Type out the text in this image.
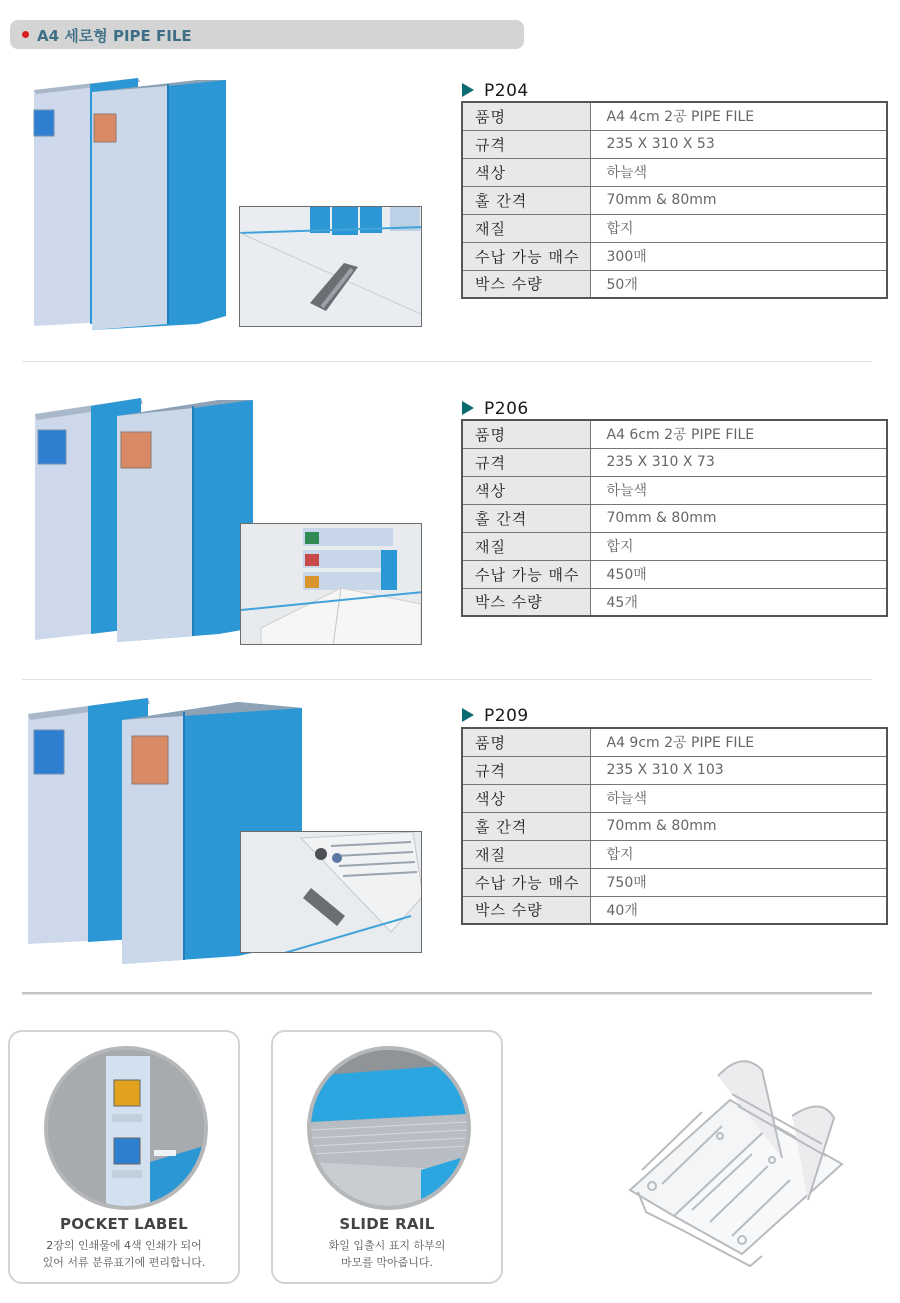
A4 세로형 PIPE FILE
P204
품명	A4 4cm 2공 PIPE FILE
규격	235 X 310 X 53
색상	하늘색
홀 간격	70mm & 80mm
재질	합지
수납 가능 매수	300매
박스 수량	50개
P206
품명	A4 6cm 2공 PIPE FILE
규격	235 X 310 X 73
색상	하늘색
홀 간격	70mm & 80mm
재질	합지
수납 가능 매수	450매
박스 수량	45개
P209
품명	A4 9cm 2공 PIPE FILE
규격	235 X 310 X 103
색상	하늘색
홀 간격	70mm & 80mm
재질	합지
수납 가능 매수	750매
박스 수량	40개
POCKET LABEL
2장의 인쇄물에 4색 인쇄가 되어
있어 서류 분류표기에 편리합니다.
SLIDE RAIL
화일 입출시 표지 하부의
마모를 막아줍니다.
